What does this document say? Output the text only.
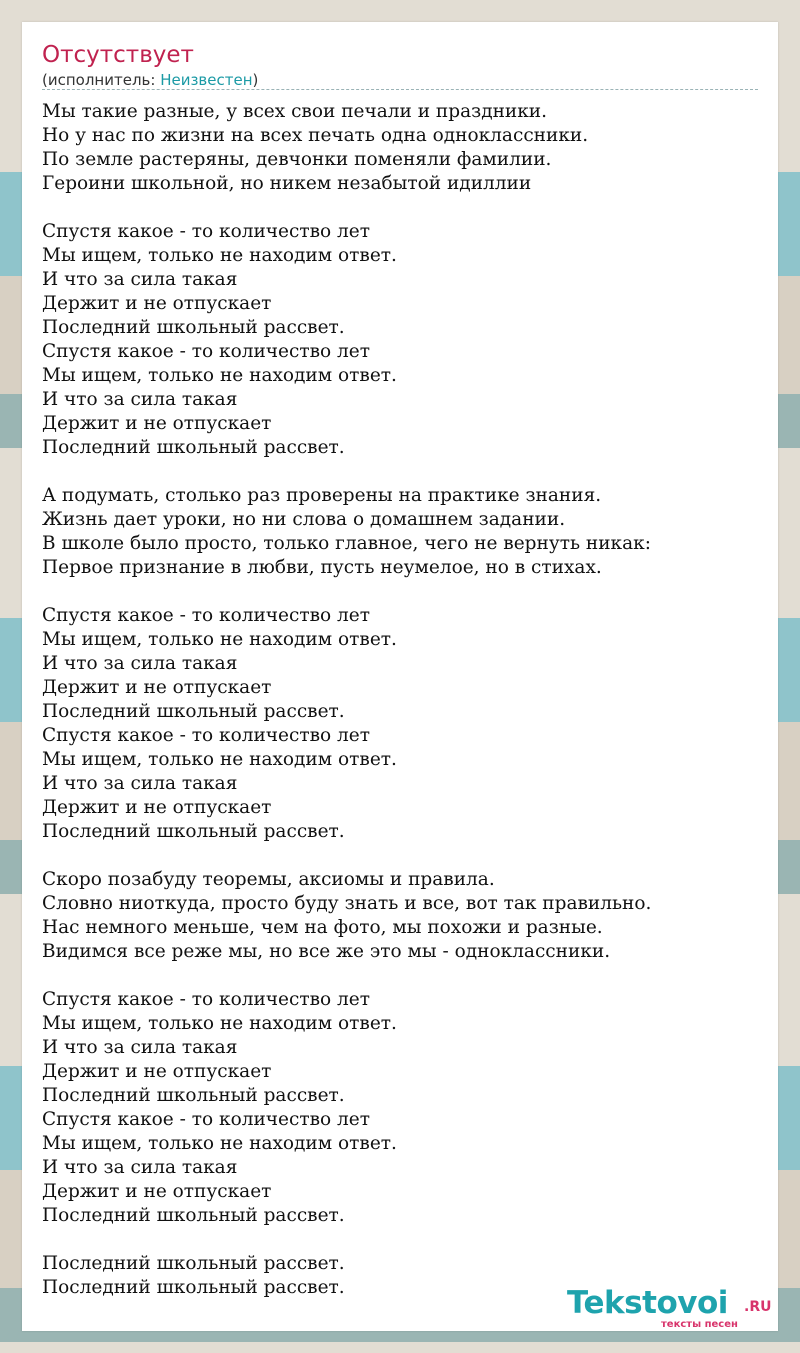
Отсутствует
(исполнитель: Неизвестен)
Мы такие разные, у всех свои печали и праздники.
Но у нас по жизни на всех печать одна одноклассники.
По земле растеряны, девчонки поменяли фамилии.
Героини школьной, но никем незабытой идиллии
Спустя какое - то количество лет
Мы ищем, только не находим ответ.
И что за сила такая
Держит и не отпускает
Последний школьный рассвет.
Спустя какое - то количество лет
Мы ищем, только не находим ответ.
И что за сила такая
Держит и не отпускает
Последний школьный рассвет.
А подумать, столько раз проверены на практике знания.
Жизнь дает уроки, но ни слова о домашнем задании.
В школе было просто, только главное, чего не вернуть никак:
Первое признание в любви, пусть неумелое, но в стихах.
Спустя какое - то количество лет
Мы ищем, только не находим ответ.
И что за сила такая
Держит и не отпускает
Последний школьный рассвет.
Спустя какое - то количество лет
Мы ищем, только не находим ответ.
И что за сила такая
Держит и не отпускает
Последний школьный рассвет.
Скоро позабуду теоремы, аксиомы и правила.
Словно ниоткуда, просто буду знать и все, вот так правильно.
Нас немного меньше, чем на фото, мы похожи и разные.
Видимся все реже мы, но все же это мы - одноклассники.
Спустя какое - то количество лет
Мы ищем, только не находим ответ.
И что за сила такая
Держит и не отпускает
Последний школьный рассвет.
Спустя какое - то количество лет
Мы ищем, только не находим ответ.
И что за сила такая
Держит и не отпускает
Последний школьный рассвет.
Последний школьный рассвет.
Последний школьный рассвет.	Tekstovoi .RU
тексты песен
